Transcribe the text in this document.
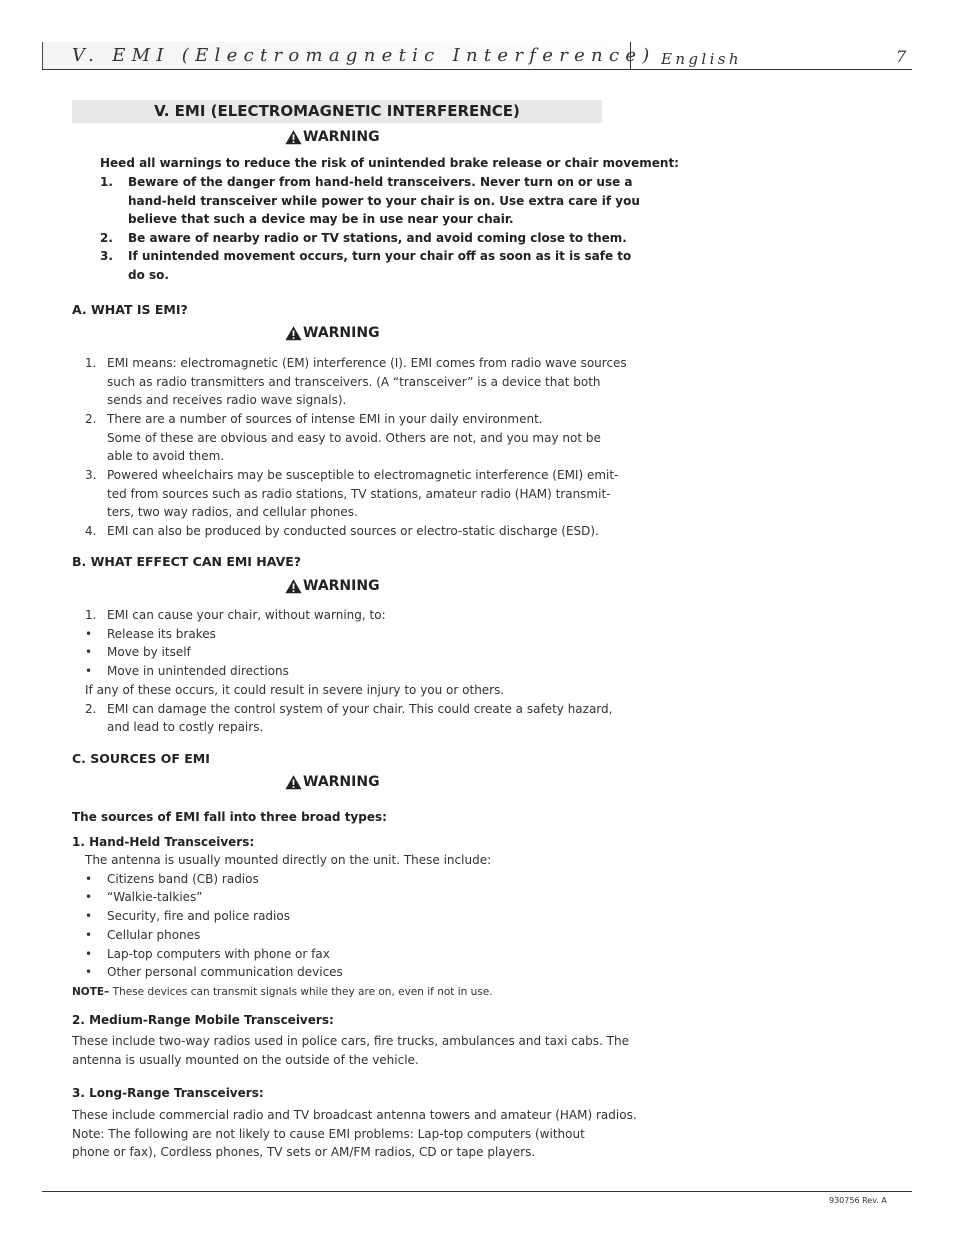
V. EMI (Electromagnetic Interference) English	7
V. EMI (ELECTROMAGNETIC INTERFERENCE)
WARNING
Heed all warnings to reduce the risk of unintended brake release or chair movement:
1. Beware of the danger from hand-held transceivers. Never turn on or use a
hand-held transceiver while power to your chair is on. Use extra care if you
believe that such a device may be in use near your chair.
2. Be aware of nearby radio or TV stations, and avoid coming close to them.
3. If unintended movement occurs, turn your chair off as soon as it is safe to
do so.
A. WHAT IS EMI?
WARNING
1. EMI means: electromagnetic (EM) interference (I). EMI comes from radio wave sources
such as radio transmitters and transceivers. (A “transceiver” is a device that both
sends and receives radio wave signals).
2. There are a number of sources of intense EMI in your daily environment.
Some of these are obvious and easy to avoid. Others are not, and you may not be
able to avoid them.
3. Powered wheelchairs may be susceptible to electromagnetic interference (EMI) emit-
ted from sources such as radio stations, TV stations, amateur radio (HAM) transmit-
ters, two way radios, and cellular phones.
4. EMI can also be produced by conducted sources or electro-static discharge (ESD).
B. WHAT EFFECT CAN EMI HAVE?
WARNING
1. EMI can cause your chair, without warning, to:
• Release its brakes
• Move by itself
• Move in unintended directions
If any of these occurs, it could result in severe injury to you or others.
2. EMI can damage the control system of your chair. This could create a safety hazard,
and lead to costly repairs.
C. SOURCES OF EMI
WARNING
The sources of EMI fall into three broad types:
1. Hand-Held Transceivers:
The antenna is usually mounted directly on the unit. These include:
• Citizens band (CB) radios
• “Walkie-talkies”
• Security, fire and police radios
• Cellular phones
• Lap-top computers with phone or fax
• Other personal communication devices
NOTE– These devices can transmit signals while they are on, even if not in use.
2. Medium-Range Mobile Transceivers:
These include two-way radios used in police cars, fire trucks, ambulances and taxi cabs. The
antenna is usually mounted on the outside of the vehicle.
3. Long-Range Transceivers:
These include commercial radio and TV broadcast antenna towers and amateur (HAM) radios.
Note: The following are not likely to cause EMI problems: Lap-top computers (without
phone or fax), Cordless phones, TV sets or AM/FM radios, CD or tape players.
930756 Rev. A
